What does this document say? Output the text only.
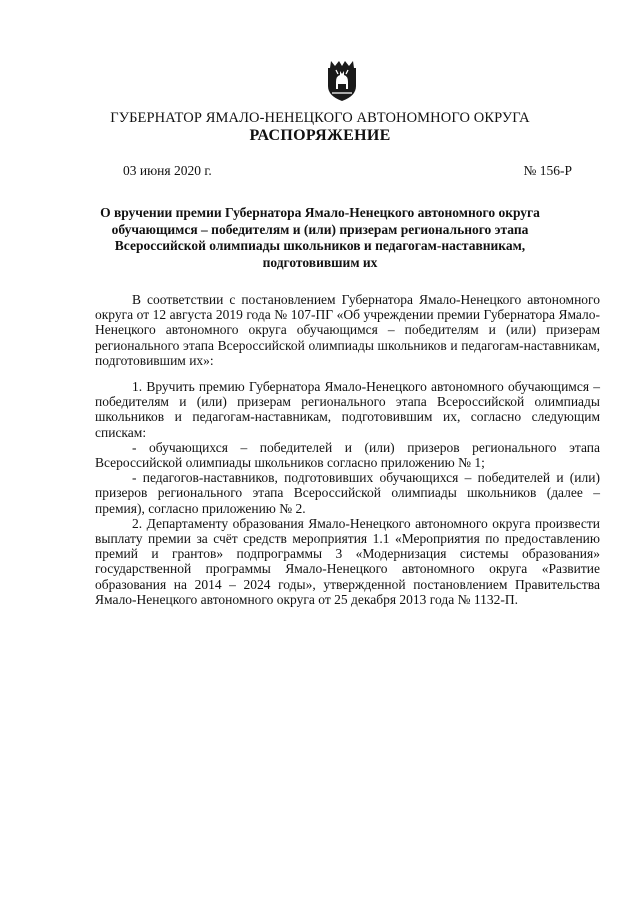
ГУБЕРНАТОР ЯМАЛО-НЕНЕЦКОГО АВТОНОМНОГО ОКРУГА
РАСПОРЯЖЕНИЕ
03 июня 2020 г.	№ 156-Р
О вручении премии Губернатора Ямало-Ненецкого автономного округа обучающимся – победителям и (или) призерам регионального этапа Всероссийской олимпиады школьников и педагогам-наставникам, подготовившим их
В соответствии с постановлением Губернатора Ямало-Ненецкого автономного округа от 12 августа 2019 года № 107-ПГ «Об учреждении премии Губернатора Ямало-Ненецкого автономного округа обучающимся – победителям и (или) призерам регионального этапа Всероссийской олимпиады школьников и педагогам-наставникам, подготовившим их»:

1. Вручить премию Губернатора Ямало-Ненецкого автономного обучающимся – победителям и (или) призерам регионального этапа Всероссийской олимпиады школьников и педагогам-наставникам, подготовившим их, согласно следующим спискам:

- обучающихся – победителей и (или) призеров регионального этапа Всероссийской олимпиады школьников согласно приложению № 1;

- педагогов-наставников, подготовивших обучающихся – победителей и (или) призеров регионального этапа Всероссийской олимпиады школьников (далее – премия), согласно приложению № 2.

2. Департаменту образования Ямало-Ненецкого автономного округа произвести выплату премии за счёт средств мероприятия 1.1 «Мероприятия по предоставлению премий и грантов» подпрограммы 3 «Модернизация системы образования» государственной программы Ямало-Ненецкого автономного округа «Развитие образования на 2014 – 2024 годы», утвержденной постановлением Правительства Ямало-Ненецкого автономного округа от 25 декабря 2013 года № 1132-П.
